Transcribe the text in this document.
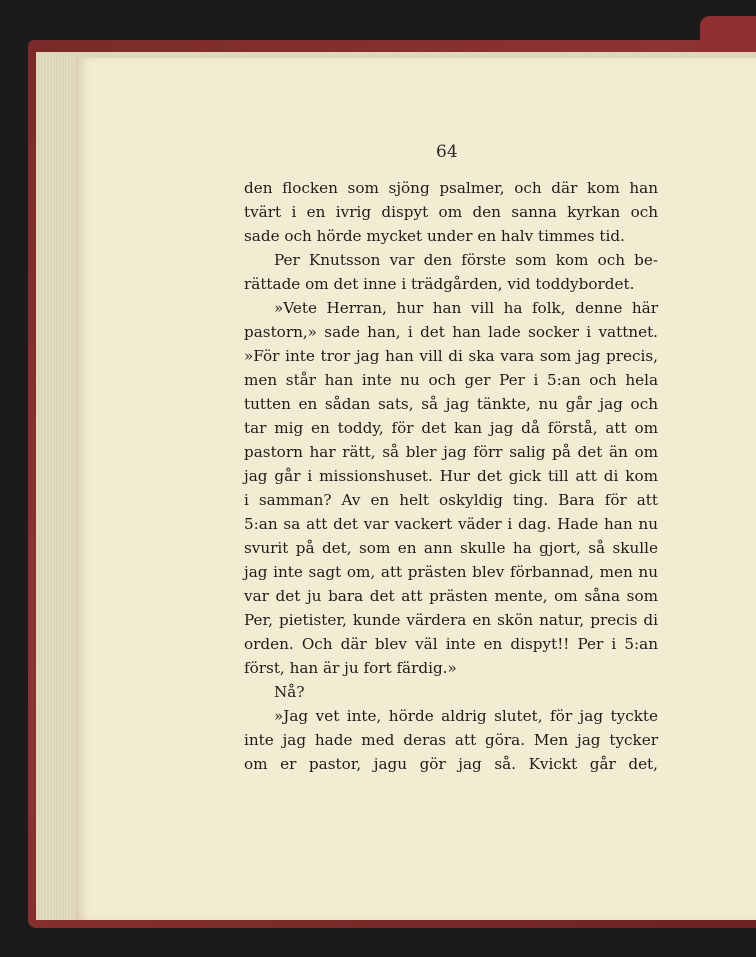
64
den flocken som sjöng psalmer, och där kom han
tvärt i en ivrig dispyt om den sanna kyrkan och
sade och hörde mycket under en halv timmes tid.
Per Knutsson var den förste som kom och be-
rättade om det inne i trädgården, vid toddybordet.
»Vete Herran, hur han vill ha folk, denne här
pastorn,» sade han, i det han lade socker i vattnet.
»För inte tror jag han vill di ska vara som jag precis,
men står han inte nu och ger Per i 5:an och hela
tutten en sådan sats, så jag tänkte, nu går jag och
tar mig en toddy, för det kan jag då förstå, att om
pastorn har rätt, så bler jag förr salig på det än om
jag går i missionshuset. Hur det gick till att di kom
i samman? Av en helt oskyldig ting. Bara för att
5:an sa att det var vackert väder i dag. Hade han nu
svurit på det, som en ann skulle ha gjort, så skulle
jag inte sagt om, att prästen blev förbannad, men nu
var det ju bara det att prästen mente, om såna som
Per, pietister, kunde värdera en skön natur, precis di
orden. Och där blev väl inte en dispyt!! Per i 5:an
först, han är ju fort färdig.»
Nå?
»Jag vet inte, hörde aldrig slutet, för jag tyckte
inte jag hade med deras att göra. Men jag tycker
om er pastor, jagu gör jag så. Kvickt går det,
